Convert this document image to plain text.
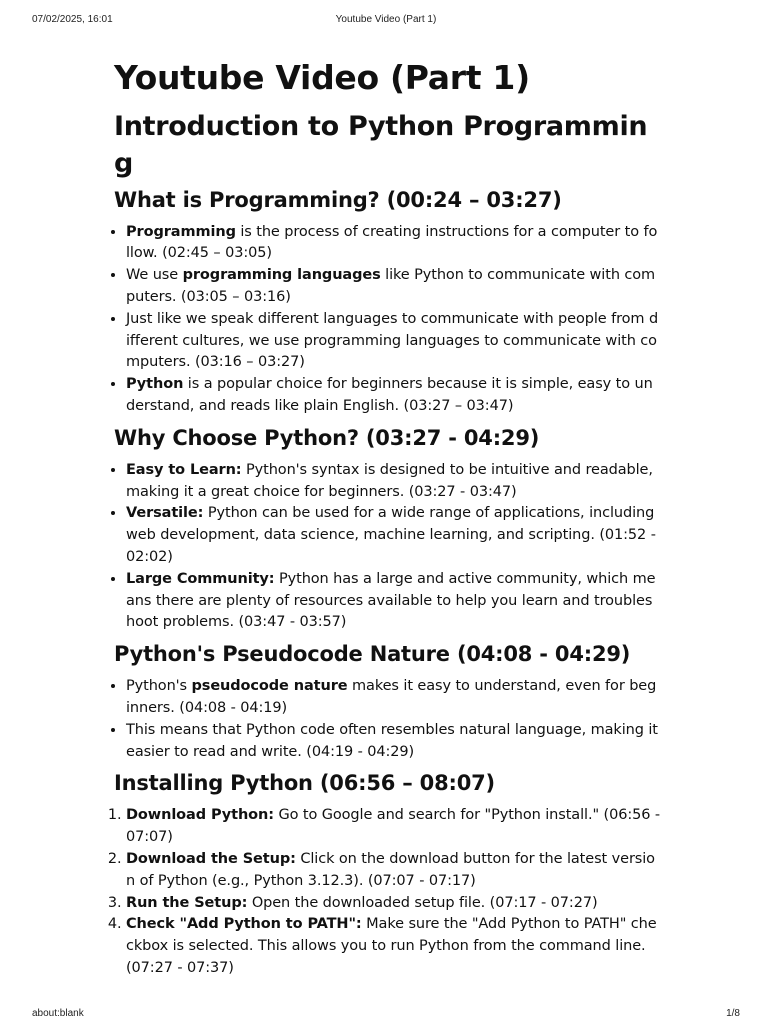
07/02/2025, 16:01	Youtube Video (Part 1)
Youtube Video (Part 1)
Introduction to Python Programming
What is Programming? (00:24 – 03:27)
• Programming is the process of creating instructions for a computer to follow. (02:45 – 03:05)
• We use programming languages like Python to communicate with computers. (03:05 – 03:16)
• Just like we speak different languages to communicate with people from different cultures, we use programming languages to communicate with computers. (03:16 – 03:27)
• Python is a popular choice for beginners because it is simple, easy to understand, and reads like plain English. (03:27 – 03:47)
Why Choose Python? (03:27 - 04:29)
• Easy to Learn: Python's syntax is designed to be intuitive and readable, making it a great choice for beginners. (03:27 - 03:47)
• Versatile: Python can be used for a wide range of applications, including web development, data science, machine learning, and scripting. (01:52 - 02:02)
• Large Community: Python has a large and active community, which means there are plenty of resources available to help you learn and troubleshoot problems. (03:47 - 03:57)
Python's Pseudocode Nature (04:08 - 04:29)
• Python's pseudocode nature makes it easy to understand, even for beginners. (04:08 - 04:19)
• This means that Python code often resembles natural language, making it easier to read and write. (04:19 - 04:29)
Installing Python (06:56 – 08:07)
1. Download Python: Go to Google and search for "Python install." (06:56 - 07:07)
2. Download the Setup: Click on the download button for the latest version of Python (e.g., Python 3.12.3). (07:07 - 07:17)
3. Run the Setup: Open the downloaded setup file. (07:17 - 07:27)
4. Check "Add Python to PATH": Make sure the "Add Python to PATH" checkbox is selected. This allows you to run Python from the command line. (07:27 - 07:37)
about:blank	1/8
